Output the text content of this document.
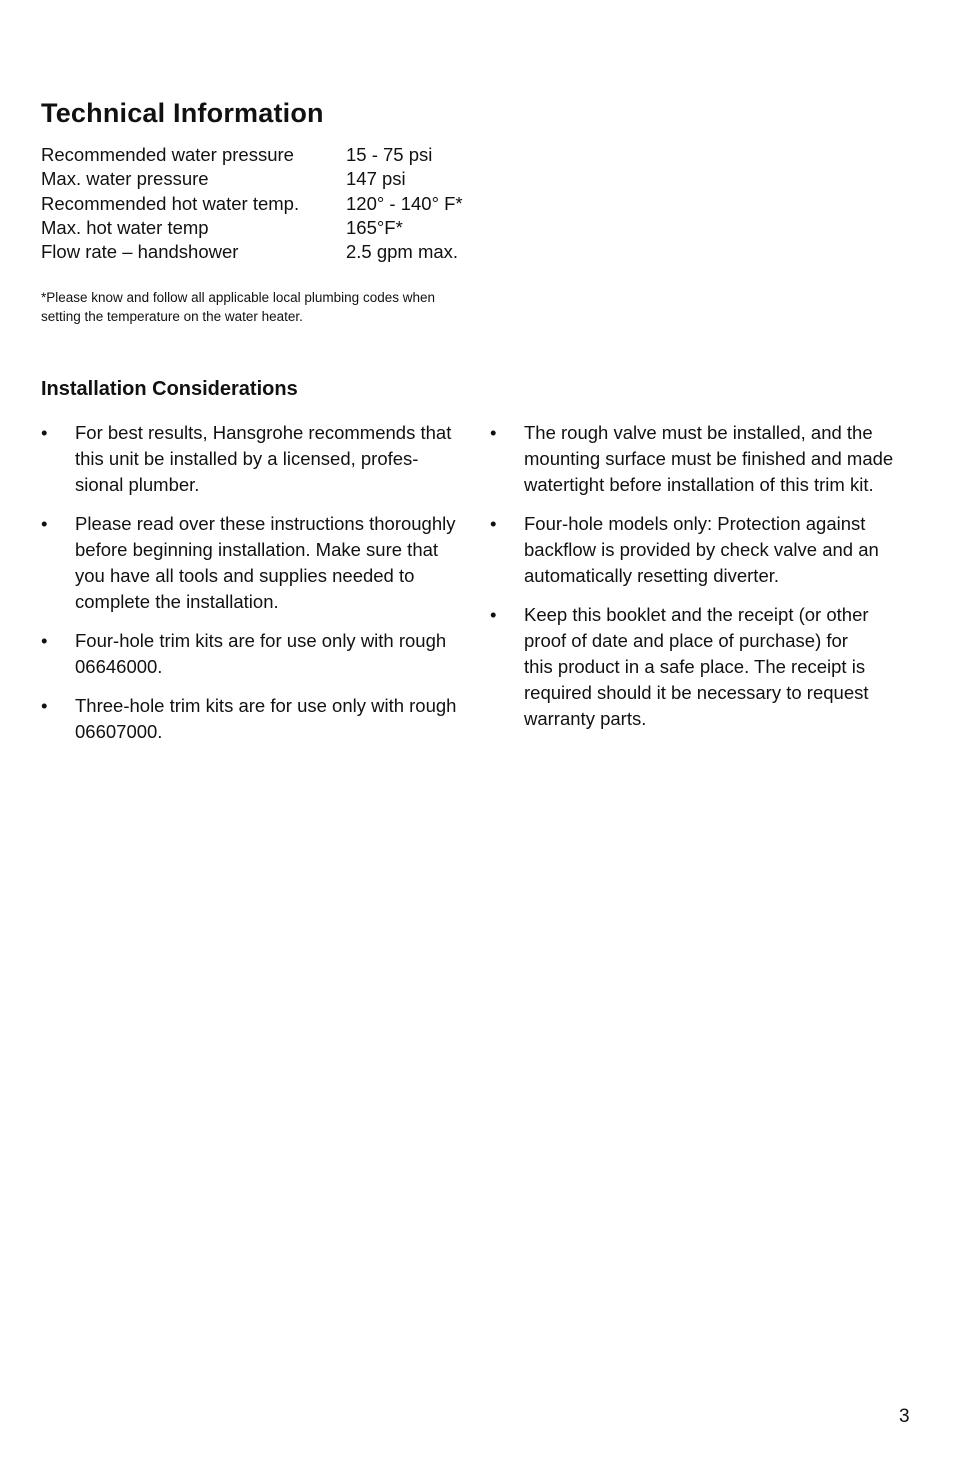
Technical Information
Recommended water pressure	15 - 75 psi
Max. water pressure	147 psi
Recommended hot water temp.	120° - 140° F*
Max. hot water temp	165°F*
Flow rate – handshower	2.5 gpm max.
*Please know and follow all applicable local plumbing codes when
setting the temperature on the water heater.
Installation Considerations
• For best results, Hansgrohe recommends that
this unit be installed by a licensed, profes-
sional plumber.
• Please read over these instructions thoroughly
before beginning installation. Make sure that
you have all tools and supplies needed to
complete the installation.
• Four-hole trim kits are for use only with rough
06646000.
• Three-hole trim kits are for use only with rough
06607000.
• The rough valve must be installed, and the
mounting surface must be finished and made
watertight before installation of this trim kit.
• Four-hole models only: Protection against
backflow is provided by check valve and an
automatically resetting diverter.
• Keep this booklet and the receipt (or other
proof of date and place of purchase) for
this product in a safe place. The receipt is
required should it be necessary to request
warranty parts.
3
